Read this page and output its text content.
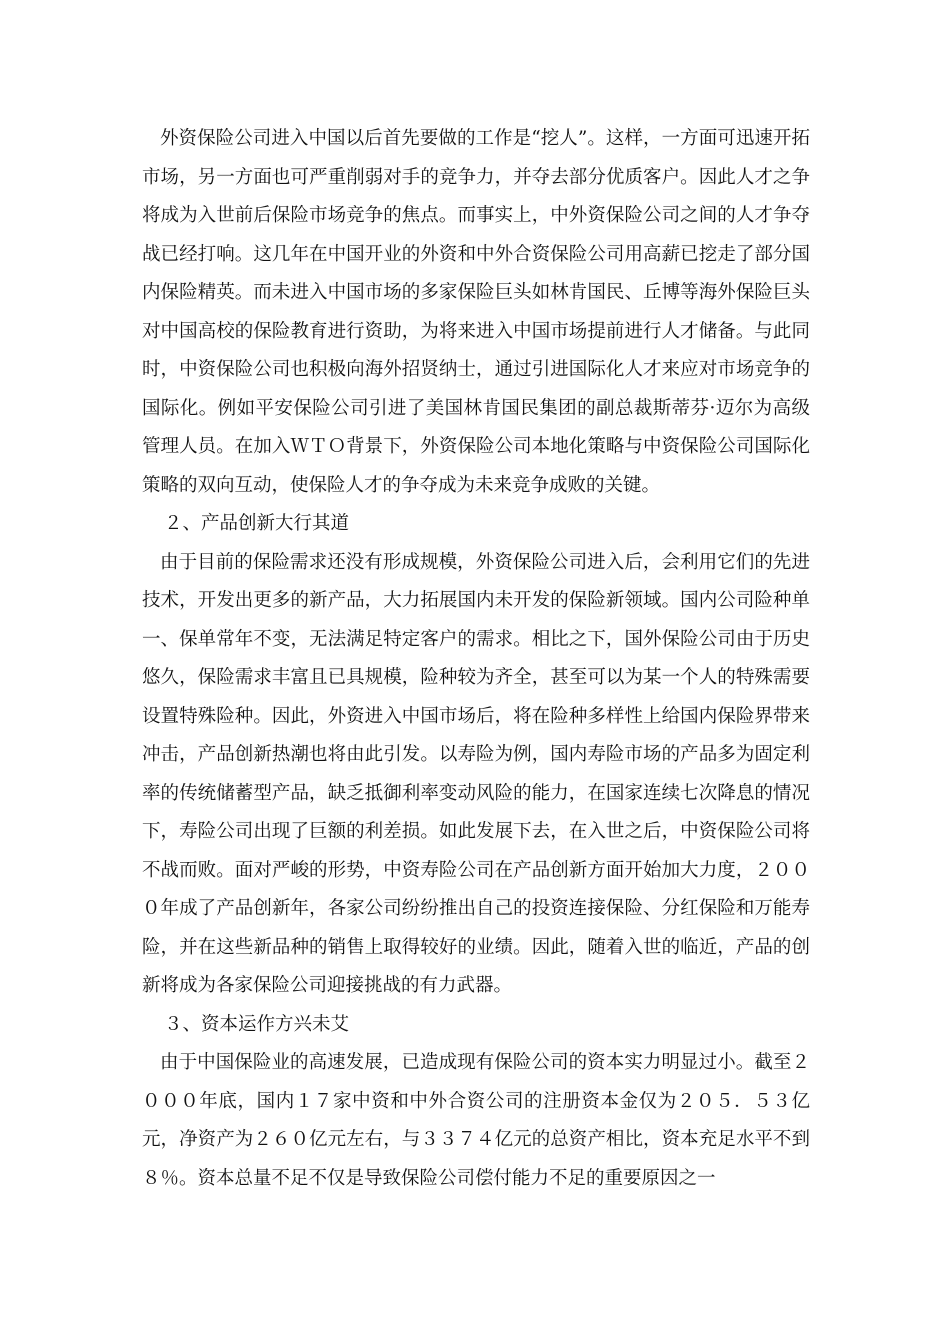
外资保险公司进入中国以后首先要做的工作是“挖人”。这样，一方面可迅速开拓市场，另一方面也可严重削弱对手的竞争力，并夺去部分优质客户。因此人才之争将成为入世前后保险市场竞争的焦点。而事实上，中外资保险公司之间的人才争夺战已经打响。这几年在中国开业的外资和中外合资保险公司用高薪已挖走了部分国内保险精英。而未进入中国市场的多家保险巨头如林肯国民、丘博等海外保险巨头对中国高校的保险教育进行资助，为将来进入中国市场提前进行人才储备。与此同时，中资保险公司也积极向海外招贤纳士，通过引进国际化人才来应对市场竞争的国际化。例如平安保险公司引进了美国林肯国民集团的副总裁斯蒂芬·迈尔为高级管理人员。在加入ＷＴＯ背景下，外资保险公司本地化策略与中资保险公司国际化策略的双向互动，使保险人才的争夺成为未来竞争成败的关键。

２、产品创新大行其道

由于目前的保险需求还没有形成规模，外资保险公司进入后，会利用它们的先进技术，开发出更多的新产品，大力拓展国内未开发的保险新领域。国内公司险种单一、保单常年不变，无法满足特定客户的需求。相比之下，国外保险公司由于历史悠久，保险需求丰富且已具规模，险种较为齐全，甚至可以为某一个人的特殊需要设置特殊险种。因此，外资进入中国市场后，将在险种多样性上给国内保险界带来冲击，产品创新热潮也将由此引发。以寿险为例，国内寿险市场的产品多为固定利率的传统储蓄型产品，缺乏抵御利率变动风险的能力，在国家连续七次降息的情况下，寿险公司出现了巨额的利差损。如此发展下去，在入世之后，中资保险公司将不战而败。面对严峻的形势，中资寿险公司在产品创新方面开始加大力度，２０００年成了产品创新年，各家公司纷纷推出自己的投资连接保险、分红保险和万能寿险，并在这些新品种的销售上取得较好的业绩。因此，随着入世的临近，产品的创新将成为各家保险公司迎接挑战的有力武器。

３、资本运作方兴未艾

由于中国保险业的高速发展，已造成现有保险公司的资本实力明显过小。截至２０００年底，国内１７家中资和中外合资公司的注册资本金仅为２０５．５３亿元，净资产为２６０亿元左右，与３３７４亿元的总资产相比，资本充足水平不到８％。资本总量不足不仅是导致保险公司偿付能力不足的重要原因之一
